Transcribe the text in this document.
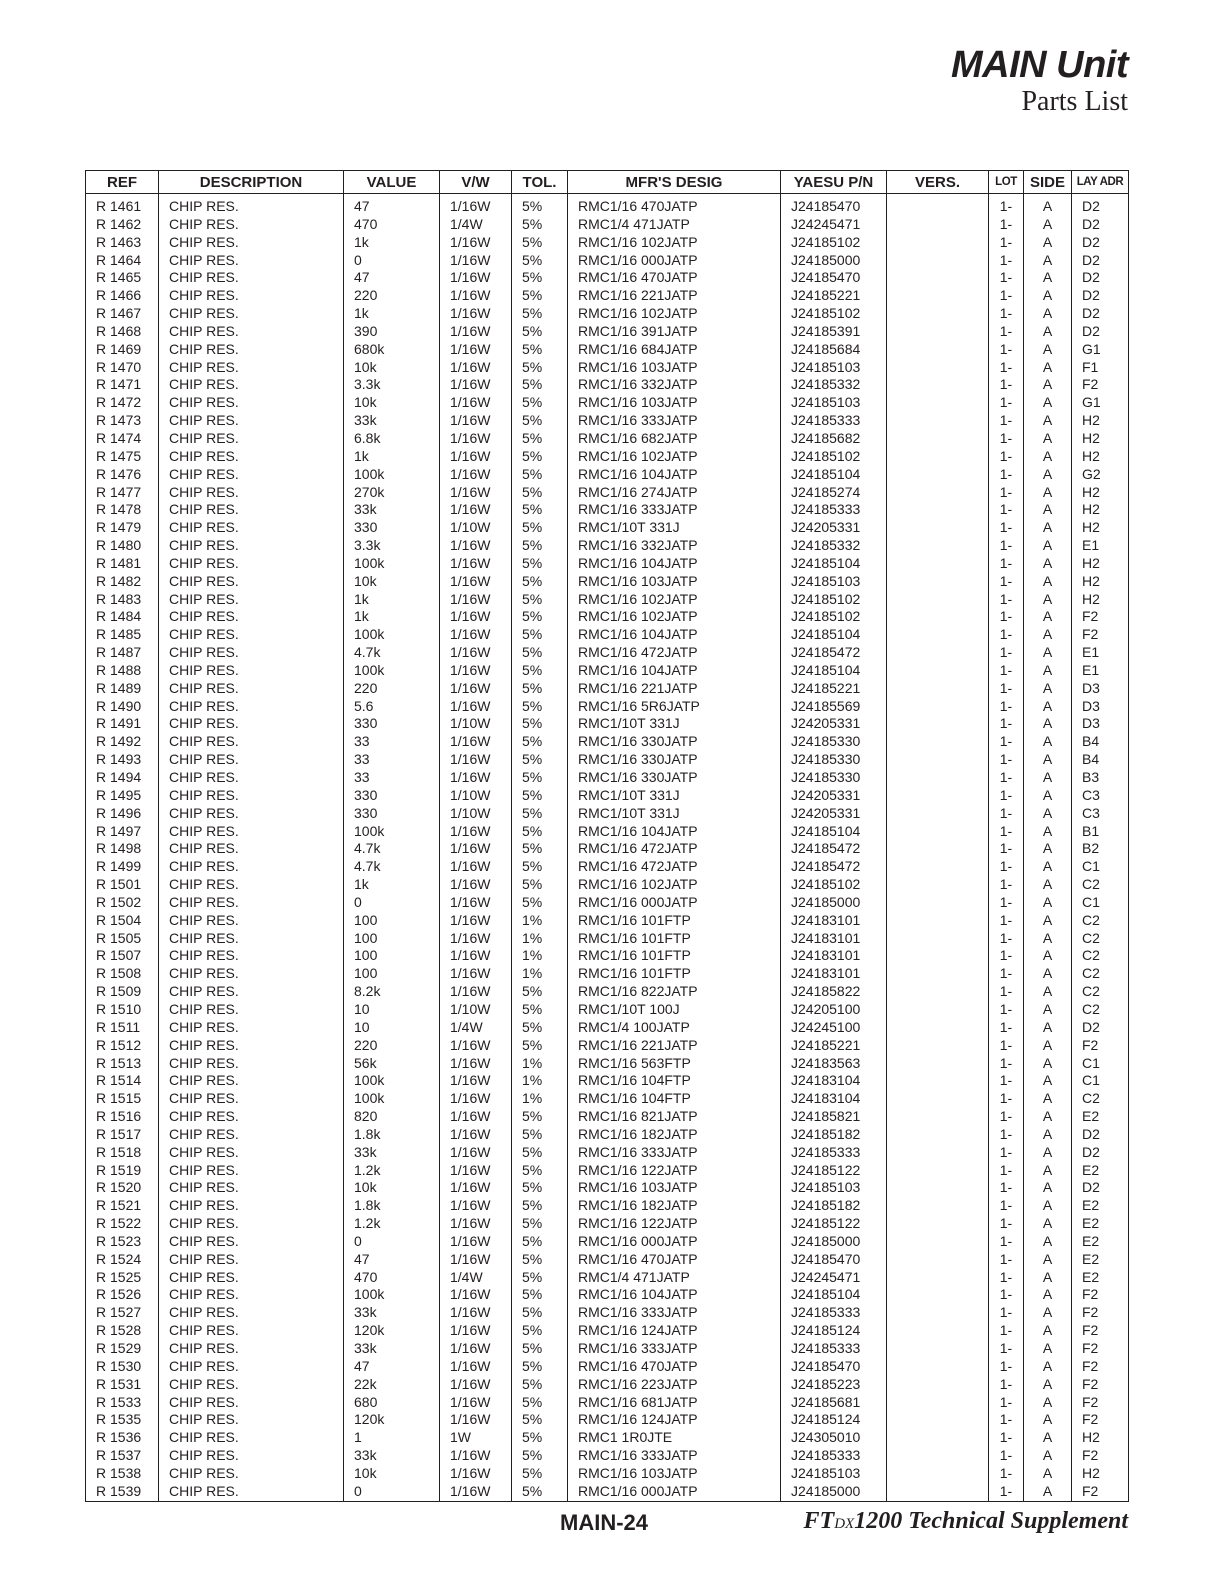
MAIN Unit
Parts List
REF	DESCRIPTION	VALUE	V/W	TOL.	MFR'S DESIG	YAESU P/N	VERS.	LOT	SIDE	LAY ADR
R 1461	CHIP RES.	47	1/16W	5%	RMC1/16 470JATP	J24185470		1-	A	D2
R 1462	CHIP RES.	470	1/4W	5%	RMC1/4 471JATP	J24245471		1-	A	D2
R 1463	CHIP RES.	1k	1/16W	5%	RMC1/16 102JATP	J24185102		1-	A	D2
R 1464	CHIP RES.	0	1/16W	5%	RMC1/16 000JATP	J24185000		1-	A	D2
R 1465	CHIP RES.	47	1/16W	5%	RMC1/16 470JATP	J24185470		1-	A	D2
R 1466	CHIP RES.	220	1/16W	5%	RMC1/16 221JATP	J24185221		1-	A	D2
R 1467	CHIP RES.	1k	1/16W	5%	RMC1/16 102JATP	J24185102		1-	A	D2
R 1468	CHIP RES.	390	1/16W	5%	RMC1/16 391JATP	J24185391		1-	A	D2
R 1469	CHIP RES.	680k	1/16W	5%	RMC1/16 684JATP	J24185684		1-	A	G1
R 1470	CHIP RES.	10k	1/16W	5%	RMC1/16 103JATP	J24185103		1-	A	F1
R 1471	CHIP RES.	3.3k	1/16W	5%	RMC1/16 332JATP	J24185332		1-	A	F2
R 1472	CHIP RES.	10k	1/16W	5%	RMC1/16 103JATP	J24185103		1-	A	G1
R 1473	CHIP RES.	33k	1/16W	5%	RMC1/16 333JATP	J24185333		1-	A	H2
R 1474	CHIP RES.	6.8k	1/16W	5%	RMC1/16 682JATP	J24185682		1-	A	H2
R 1475	CHIP RES.	1k	1/16W	5%	RMC1/16 102JATP	J24185102		1-	A	H2
R 1476	CHIP RES.	100k	1/16W	5%	RMC1/16 104JATP	J24185104		1-	A	G2
R 1477	CHIP RES.	270k	1/16W	5%	RMC1/16 274JATP	J24185274		1-	A	H2
R 1478	CHIP RES.	33k	1/16W	5%	RMC1/16 333JATP	J24185333		1-	A	H2
R 1479	CHIP RES.	330	1/10W	5%	RMC1/10T 331J	J24205331		1-	A	H2
R 1480	CHIP RES.	3.3k	1/16W	5%	RMC1/16 332JATP	J24185332		1-	A	E1
R 1481	CHIP RES.	100k	1/16W	5%	RMC1/16 104JATP	J24185104		1-	A	H2
R 1482	CHIP RES.	10k	1/16W	5%	RMC1/16 103JATP	J24185103		1-	A	H2
R 1483	CHIP RES.	1k	1/16W	5%	RMC1/16 102JATP	J24185102		1-	A	H2
R 1484	CHIP RES.	1k	1/16W	5%	RMC1/16 102JATP	J24185102		1-	A	F2
R 1485	CHIP RES.	100k	1/16W	5%	RMC1/16 104JATP	J24185104		1-	A	F2
R 1487	CHIP RES.	4.7k	1/16W	5%	RMC1/16 472JATP	J24185472		1-	A	E1
R 1488	CHIP RES.	100k	1/16W	5%	RMC1/16 104JATP	J24185104		1-	A	E1
R 1489	CHIP RES.	220	1/16W	5%	RMC1/16 221JATP	J24185221		1-	A	D3
R 1490	CHIP RES.	5.6	1/16W	5%	RMC1/16 5R6JATP	J24185569		1-	A	D3
R 1491	CHIP RES.	330	1/10W	5%	RMC1/10T 331J	J24205331		1-	A	D3
R 1492	CHIP RES.	33	1/16W	5%	RMC1/16 330JATP	J24185330		1-	A	B4
R 1493	CHIP RES.	33	1/16W	5%	RMC1/16 330JATP	J24185330		1-	A	B4
R 1494	CHIP RES.	33	1/16W	5%	RMC1/16 330JATP	J24185330		1-	A	B3
R 1495	CHIP RES.	330	1/10W	5%	RMC1/10T 331J	J24205331		1-	A	C3
R 1496	CHIP RES.	330	1/10W	5%	RMC1/10T 331J	J24205331		1-	A	C3
R 1497	CHIP RES.	100k	1/16W	5%	RMC1/16 104JATP	J24185104		1-	A	B1
R 1498	CHIP RES.	4.7k	1/16W	5%	RMC1/16 472JATP	J24185472		1-	A	B2
R 1499	CHIP RES.	4.7k	1/16W	5%	RMC1/16 472JATP	J24185472		1-	A	C1
R 1501	CHIP RES.	1k	1/16W	5%	RMC1/16 102JATP	J24185102		1-	A	C2
R 1502	CHIP RES.	0	1/16W	5%	RMC1/16 000JATP	J24185000		1-	A	C1
R 1504	CHIP RES.	100	1/16W	1%	RMC1/16 101FTP	J24183101		1-	A	C2
R 1505	CHIP RES.	100	1/16W	1%	RMC1/16 101FTP	J24183101		1-	A	C2
R 1507	CHIP RES.	100	1/16W	1%	RMC1/16 101FTP	J24183101		1-	A	C2
R 1508	CHIP RES.	100	1/16W	1%	RMC1/16 101FTP	J24183101		1-	A	C2
R 1509	CHIP RES.	8.2k	1/16W	5%	RMC1/16 822JATP	J24185822		1-	A	C2
R 1510	CHIP RES.	10	1/10W	5%	RMC1/10T 100J	J24205100		1-	A	C2
R 1511	CHIP RES.	10	1/4W	5%	RMC1/4 100JATP	J24245100		1-	A	D2
R 1512	CHIP RES.	220	1/16W	5%	RMC1/16 221JATP	J24185221		1-	A	F2
R 1513	CHIP RES.	56k	1/16W	1%	RMC1/16 563FTP	J24183563		1-	A	C1
R 1514	CHIP RES.	100k	1/16W	1%	RMC1/16 104FTP	J24183104		1-	A	C1
R 1515	CHIP RES.	100k	1/16W	1%	RMC1/16 104FTP	J24183104		1-	A	C2
R 1516	CHIP RES.	820	1/16W	5%	RMC1/16 821JATP	J24185821		1-	A	E2
R 1517	CHIP RES.	1.8k	1/16W	5%	RMC1/16 182JATP	J24185182		1-	A	D2
R 1518	CHIP RES.	33k	1/16W	5%	RMC1/16 333JATP	J24185333		1-	A	D2
R 1519	CHIP RES.	1.2k	1/16W	5%	RMC1/16 122JATP	J24185122		1-	A	E2
R 1520	CHIP RES.	10k	1/16W	5%	RMC1/16 103JATP	J24185103		1-	A	D2
R 1521	CHIP RES.	1.8k	1/16W	5%	RMC1/16 182JATP	J24185182		1-	A	E2
R 1522	CHIP RES.	1.2k	1/16W	5%	RMC1/16 122JATP	J24185122		1-	A	E2
R 1523	CHIP RES.	0	1/16W	5%	RMC1/16 000JATP	J24185000		1-	A	E2
R 1524	CHIP RES.	47	1/16W	5%	RMC1/16 470JATP	J24185470		1-	A	E2
R 1525	CHIP RES.	470	1/4W	5%	RMC1/4 471JATP	J24245471		1-	A	E2
R 1526	CHIP RES.	100k	1/16W	5%	RMC1/16 104JATP	J24185104		1-	A	F2
R 1527	CHIP RES.	33k	1/16W	5%	RMC1/16 333JATP	J24185333		1-	A	F2
R 1528	CHIP RES.	120k	1/16W	5%	RMC1/16 124JATP	J24185124		1-	A	F2
R 1529	CHIP RES.	33k	1/16W	5%	RMC1/16 333JATP	J24185333		1-	A	F2
R 1530	CHIP RES.	47	1/16W	5%	RMC1/16 470JATP	J24185470		1-	A	F2
R 1531	CHIP RES.	22k	1/16W	5%	RMC1/16 223JATP	J24185223		1-	A	F2
R 1533	CHIP RES.	680	1/16W	5%	RMC1/16 681JATP	J24185681		1-	A	F2
R 1535	CHIP RES.	120k	1/16W	5%	RMC1/16 124JATP	J24185124		1-	A	F2
R 1536	CHIP RES.	1	1W	5%	RMC1 1R0JTE	J24305010		1-	A	H2
R 1537	CHIP RES.	33k	1/16W	5%	RMC1/16 333JATP	J24185333		1-	A	F2
R 1538	CHIP RES.	10k	1/16W	5%	RMC1/16 103JATP	J24185103		1-	A	H2
R 1539	CHIP RES.	0	1/16W	5%	RMC1/16 000JATP	J24185000		1-	A	F2
MAIN-24	FTDX1200 Technical Supplement
